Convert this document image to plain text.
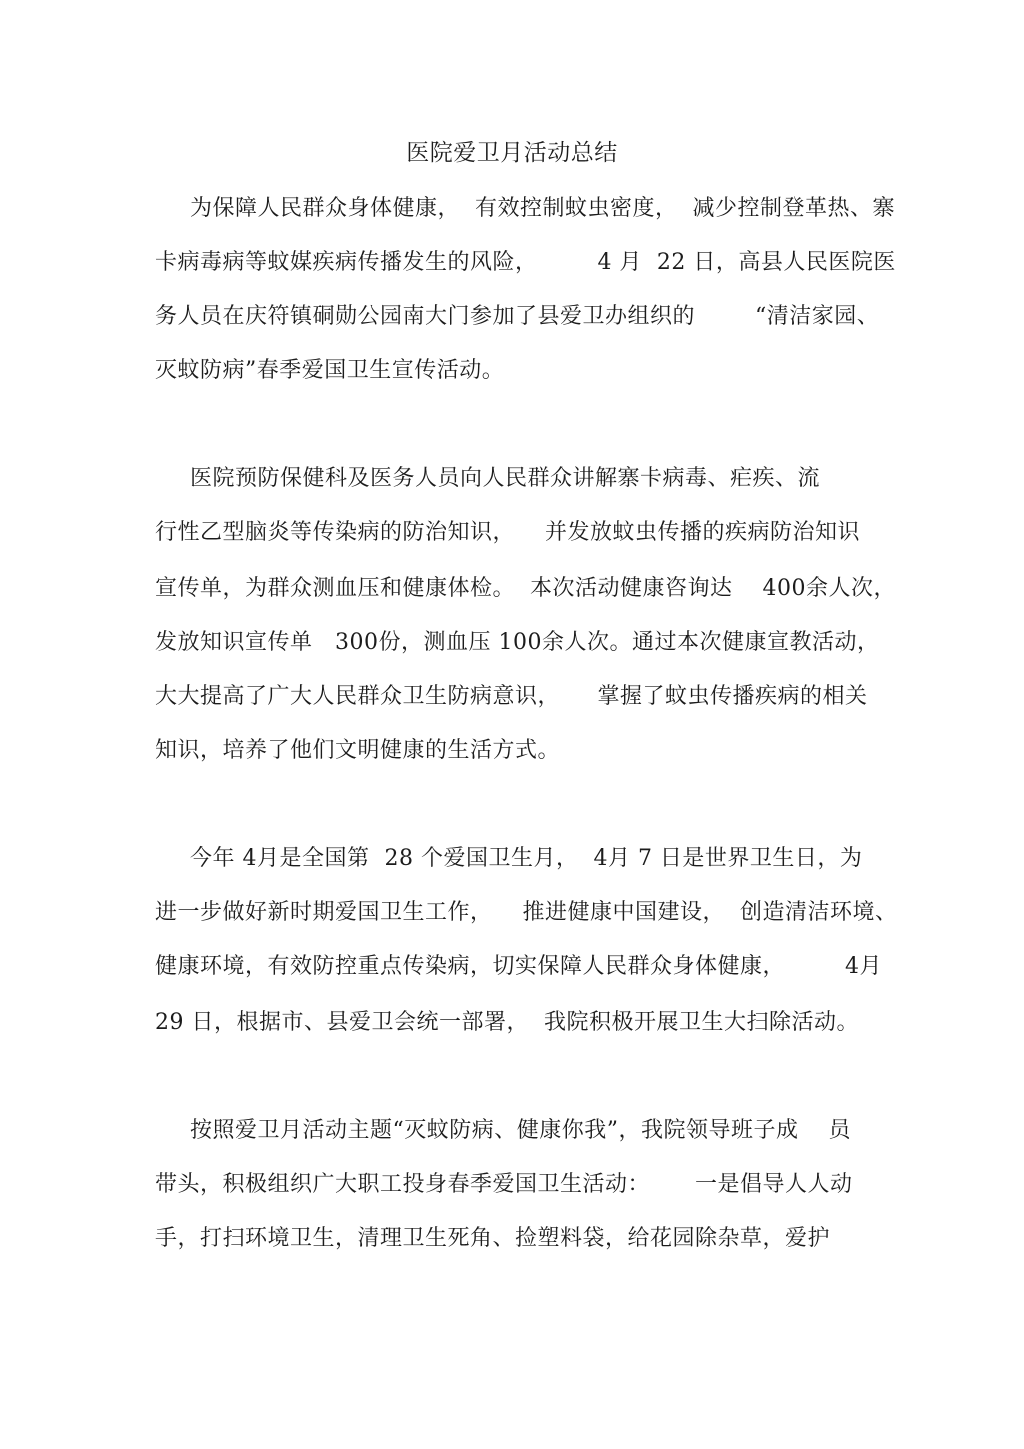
医院爱卫月活动总结
为保障人民群众身体健康，  有效控制蚊虫密度，  减少控制登革热、寨
卡病毒病等蚊媒疾病传播发生的风险，        4 月  22 日，高县人民医院医
务人员在庆符镇硐勋公园南大门参加了县爱卫办组织的        “清洁家园、
灭蚊防病”春季爱国卫生宣传活动。
医院预防保健科及医务人员向人民群众讲解寨卡病毒、疟疾、流
行性乙型脑炎等传染病的防治知识，    并发放蚊虫传播的疾病防治知识
宣传单，为群众测血压和健康体检。  本次活动健康咨询达    400余人次，
发放知识宣传单   300份，测血压 100余人次。通过本次健康宣教活动，
大大提高了广大人民群众卫生防病意识，     掌握了蚊虫传播疾病的相关
知识，培养了他们文明健康的生活方式。
今年 4月是全国第  28 个爱国卫生月，  4月 7 日是世界卫生日，为
进一步做好新时期爱国卫生工作，    推进健康中国建设，  创造清洁环境、
健康环境，有效防控重点传染病，切实保障人民群众身体健康，        4月
29 日，根据市、县爱卫会统一部署，  我院积极开展卫生大扫除活动。
按照爱卫月活动主题“灭蚊防病、健康你我”，我院领导班子成    员
带头，积极组织广大职工投身春季爱国卫生活动：      一是倡导人人动
手，打扫环境卫生，清理卫生死角、捡塑料袋，给花园除杂草，爱护
